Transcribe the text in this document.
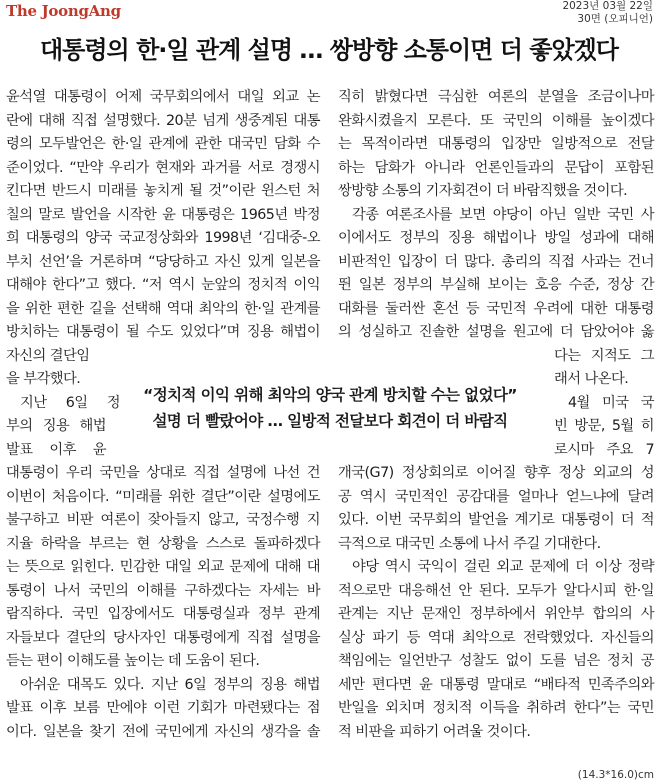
The JoongAng	2023년 03월 22일
30면 (오피니언)
대통령의 한·일 관계 설명 … 쌍방향 소통이면 더 좋았겠다
윤석열 대통령이 어제 국무회의에서 대일 외교 논
란에 대해 직접 설명했다. 20분 넘게 생중계된 대통
령의 모두발언은 한·일 관계에 관한 대국민 담화 수
준이었다. “만약 우리가 현재와 과거를 서로 경쟁시
킨다면 반드시 미래를 놓치게 될 것”이란 윈스턴 처
칠의 말로 발언을 시작한 윤 대통령은 1965년 박정
희 대통령의 양국 국교정상화와 1998년 ‘김대중-오
부치 선언’을 거론하며 “당당하고 자신 있게 일본을
대해야 한다”고 했다. “저 역시 눈앞의 정치적 이익
을 위한 편한 길을 선택해 역대 최악의 한·일 관계를
방치하는 대통령이 될 수도 있었다”며 징용 해법이
자신의 결단임
을 부각했다.
지난 6일 정
부의 징용 해법
발표 이후 윤
대통령이 우리 국민을 상대로 직접 설명에 나선 건
이번이 처음이다. “미래를 위한 결단”이란 설명에도
불구하고 비판 여론이 잦아들지 않고, 국정수행 지
지율 하락을 부르는 현 상황을 스스로 돌파하겠다
는 뜻으로 읽힌다. 민감한 대일 외교 문제에 대해 대
통령이 나서 국민의 이해를 구하겠다는 자세는 바
람직하다. 국민 입장에서도 대통령실과 정부 관계
자들보다 결단의 당사자인 대통령에게 직접 설명을
듣는 편이 이해도를 높이는 데 도움이 된다.
아쉬운 대목도 있다. 지난 6일 정부의 징용 해법
발표 이후 보름 만에야 이런 기회가 마련됐다는 점
이다. 일본을 찾기 전에 국민에게 자신의 생각을 솔
직히 밝혔다면 극심한 여론의 분열을 조금이나마
완화시켰을지 모른다. 또 국민의 이해를 높이겠다
는 목적이라면 대통령의 입장만 일방적으로 전달
하는 담화가 아니라 언론인들과의 문답이 포함된
쌍방향 소통의 기자회견이 더 바람직했을 것이다.
각종 여론조사를 보면 야당이 아닌 일반 국민 사
이에서도 정부의 징용 해법이나 방일 성과에 대해
비판적인 입장이 더 많다. 총리의 직접 사과는 건너
뛴 일본 정부의 부실해 보이는 호응 수준, 정상 간
대화를 둘러싼 혼선 등 국민적 우려에 대한 대통령
의 성실하고 진솔한 설명을 원고에 더 담았어야 옳
다는 지적도 그
래서 나온다.
4월 미국 국
빈 방문, 5월 히
로시마 주요 7
개국(G7) 정상회의로 이어질 향후 정상 외교의 성
공 역시 국민적인 공감대를 얼마나 얻느냐에 달려
있다. 이번 국무회의 발언을 계기로 대통령이 더 적
극적으로 대국민 소통에 나서 주길 기대한다.
야당 역시 국익이 걸린 외교 문제에 더 이상 정략
적으로만 대응해선 안 된다. 모두가 알다시피 한·일
관계는 지난 문재인 정부하에서 위안부 합의의 사
실상 파기 등 역대 최악으로 전락했었다. 자신들의
책임에는 일언반구 성찰도 없이 도를 넘은 정치 공
세만 편다면 윤 대통령 말대로 “배타적 민족주의와
반일을 외치며 정치적 이득을 취하려 한다”는 국민
적 비판을 피하기 어려울 것이다.
“정치적 이익 위해 최악의 양국 관계 방치할 수는 없었다”
설명 더 빨랐어야 … 일방적 전달보다 회견이 더 바람직
(14.3*16.0)cm
